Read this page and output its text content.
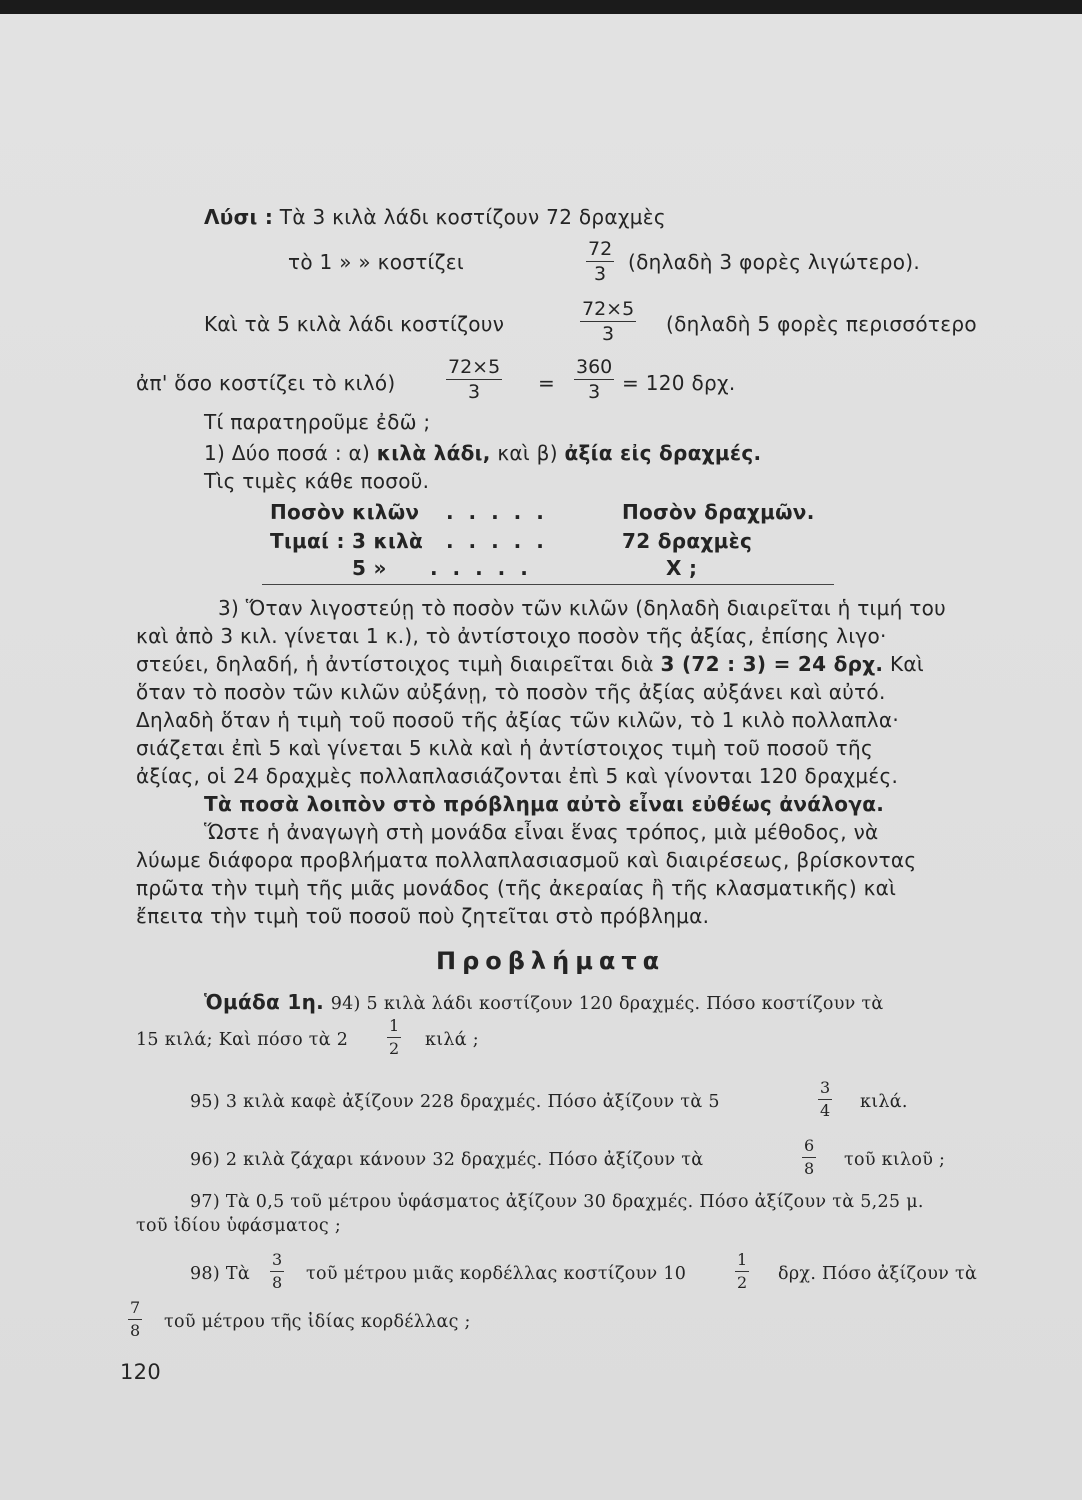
Λύσι : Τὰ 3 κιλὰ λάδι κοστίζουν 72 δραχμὲς
τὸ 1 » » κοστίζει	$\frac{72}{3}$ (δηλαδὴ 3 φορὲς λιγώτερο).
Καὶ τὰ 5 κιλὰ λάδι κοστίζουν	$\frac{72\times 5}{3}$ (δηλαδὴ 5 φορὲς περισσότερο
ἀπ' ὅσο κοστίζει τὸ κιλό)	$\frac{72\times 5}{3} = \frac{360}{3} = 120$ δρχ.
Τί παρατηροῦμε ἐδῶ ;
1) Δύο ποσά : α) κιλὰ λάδι, καὶ β) ἀξία εἰς δραχμές.
Τὶς τιμὲς κάθε ποσοῦ.
Ποσὸν κιλῶν . . . . .	Ποσὸν δραχμῶν.
Τιμαί : 3 κιλὰ . . . . .	72 δραχμὲς
5 » . . . . .	X ;
3) Ὅταν λιγοστεύῃ τὸ ποσὸν τῶν κιλῶν (δηλαδὴ διαιρεῖται ἡ τιμή του
καὶ ἀπὸ 3 κιλ. γίνεται 1 κ.), τὸ ἀντίστοιχο ποσὸν τῆς ἀξίας, ἐπίσης λιγο·
στεύει, δηλαδή, ἡ ἀντίστοιχος τιμὴ διαιρεῖται διὰ 3 (72 : 3) = 24 δρχ. Καὶ
ὅταν τὸ ποσὸν τῶν κιλῶν αὐξάνῃ, τὸ ποσὸν τῆς ἀξίας αὐξάνει καὶ αὐτό.
Δηλαδὴ ὅταν ἡ τιμὴ τοῦ ποσοῦ τῆς ἀξίας τῶν κιλῶν, τὸ 1 κιλὸ πολλαπλα·
σιάζεται ἐπὶ 5 καὶ γίνεται 5 κιλὰ καὶ ἡ ἀντίστοιχος τιμὴ τοῦ ποσοῦ τῆς
ἀξίας, οἱ 24 δραχμὲς πολλαπλασιάζονται ἐπὶ 5 καὶ γίνονται 120 δραχμές.
Τὰ ποσὰ λοιπὸν στὸ πρόβλημα αὐτὸ εἶναι εὐθέως ἀνάλογα.
Ὥστε ἡ ἀναγωγὴ στὴ μονάδα εἶναι ἕνας τρόπος, μιὰ μέθοδος, νὰ
λύωμε διάφορα προβλήματα πολλαπλασιασμοῦ καὶ διαιρέσεως, βρίσκοντας
πρῶτα τὴν τιμὴ τῆς μιᾶς μονάδος (τῆς ἀκεραίας ἢ τῆς κλασματικῆς) καὶ
ἔπειτα τὴν τιμὴ τοῦ ποσοῦ ποὺ ζητεῖται στὸ πρόβλημα.
Προβλήματα
Ὁμάδα 1η. 94) 5 κιλὰ λάδι κοστίζουν 120 δραχμές. Πόσο κοστίζουν τὰ
15 κιλά; Καὶ πόσο τὰ $2 \frac{1}{2}$ κιλά ;
95) 3 κιλὰ καφὲ ἀξίζουν 228 δραχμές. Πόσο ἀξίζουν τὰ 5	$\frac{3}{4} \kappa\iota\lambda ά$.
96) 2 κιλὰ ζάχαρι κάνουν 32 δραχμές. Πόσο ἀξίζουν τὰ	$\frac{6}{8}$ τοῦ κιλοῦ ;
97) Τὰ 0,5 τοῦ μέτρου ὑφάσματος ἀξίζουν 30 δραχμές. Πόσο ἀξίζουν τὰ 5,25 μ.
τοῦ ἰδίου ὑφάσματος ;
98) Τὰ $\frac{3}{8}$ τοῦ μέτρου μιᾶς κορδέλλας κοστίζουν 10	$\frac{1}{2} \delta\rho\chi$. Πόσο ἀξίζουν τὰ
$\frac{7}{8}$ τοῦ μέτρου τῆς ἰδίας κορδέλλας ;
120
